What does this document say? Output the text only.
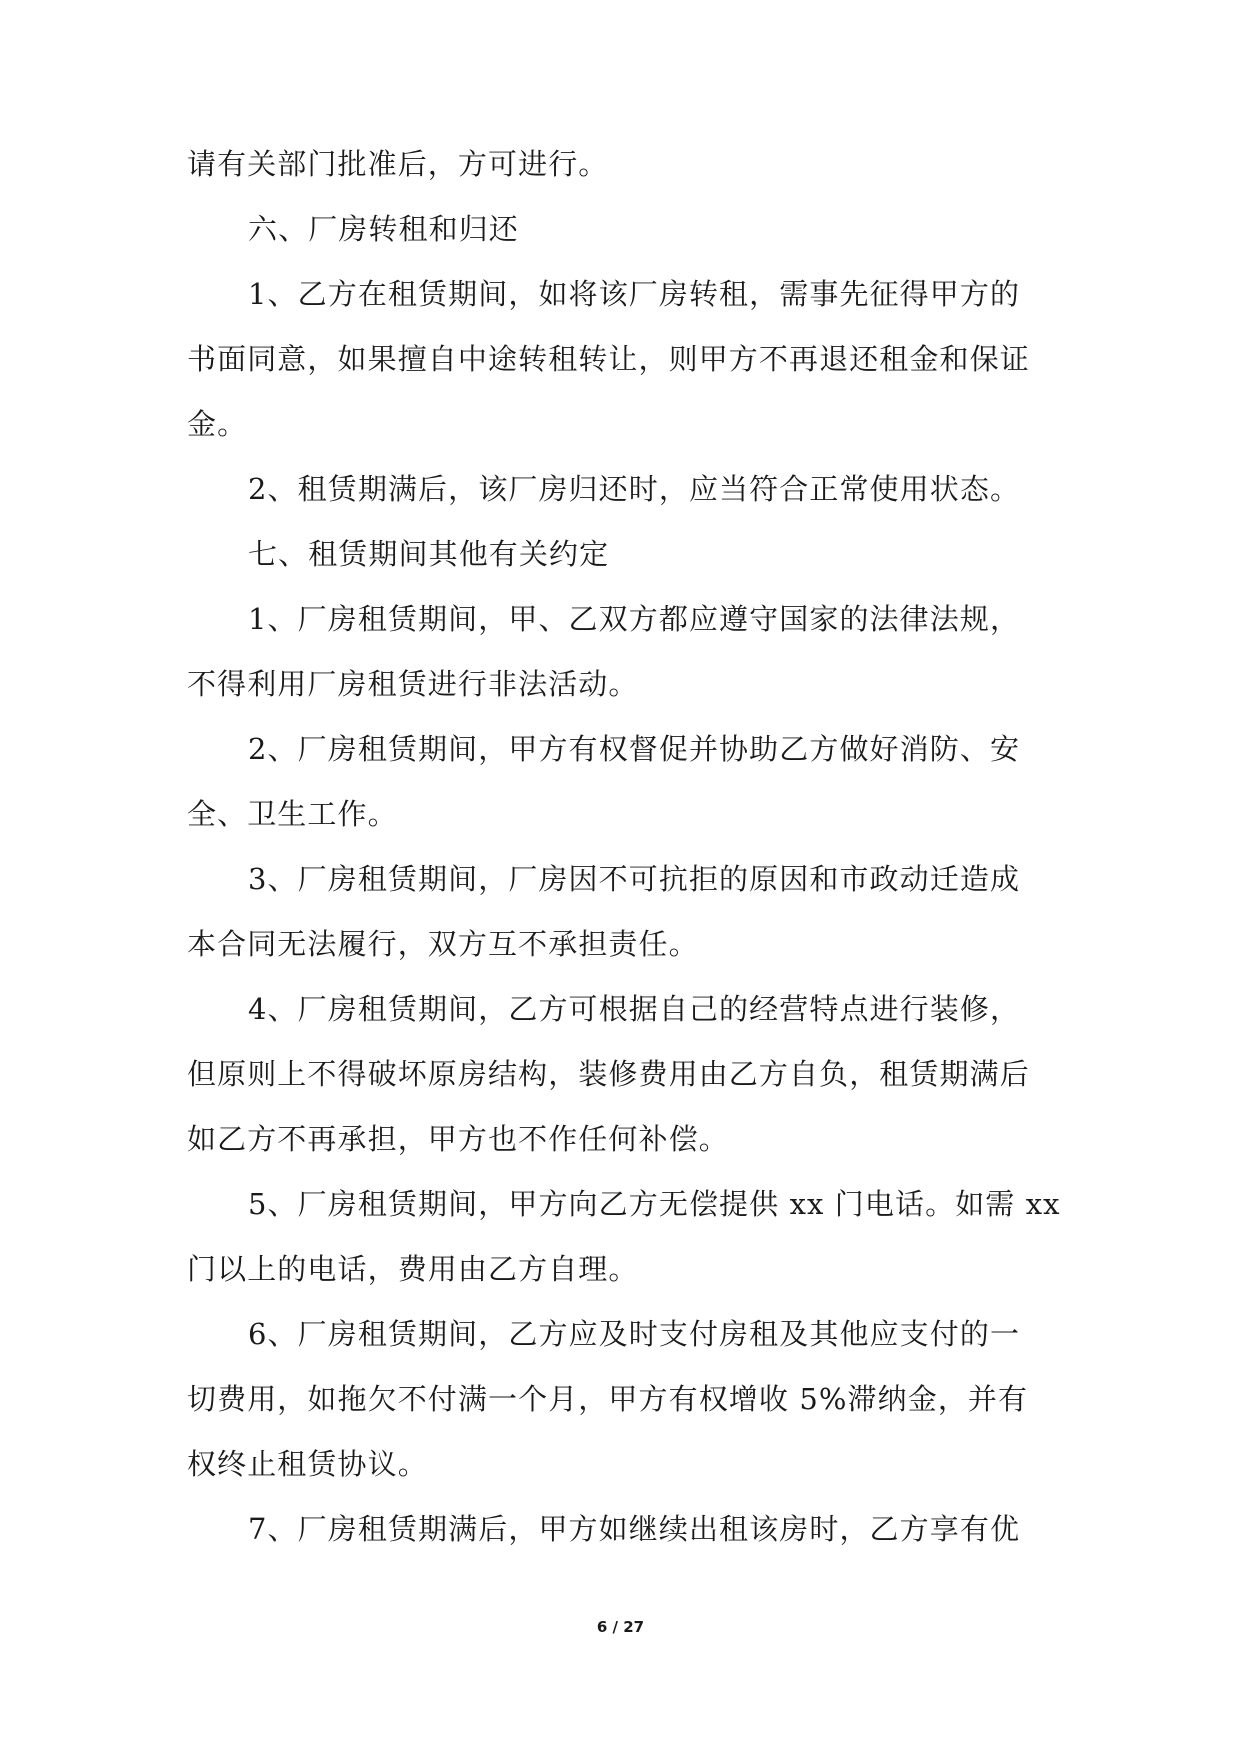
请有关部门批准后，方可进行。
六、厂房转租和归还
1、乙方在租赁期间，如将该厂房转租，需事先征得甲方的
书面同意，如果擅自中途转租转让，则甲方不再退还租金和保证
金。
2、租赁期满后，该厂房归还时，应当符合正常使用状态。
七、租赁期间其他有关约定
1、厂房租赁期间，甲、乙双方都应遵守国家的法律法规，
不得利用厂房租赁进行非法活动。
2、厂房租赁期间，甲方有权督促并协助乙方做好消防、安
全、卫生工作。
3、厂房租赁期间，厂房因不可抗拒的原因和市政动迁造成
本合同无法履行，双方互不承担责任。
4、厂房租赁期间，乙方可根据自己的经营特点进行装修，
但原则上不得破坏原房结构，装修费用由乙方自负，租赁期满后
如乙方不再承担，甲方也不作任何补偿。
5、厂房租赁期间，甲方向乙方无偿提供 xx 门电话。如需 xx
门以上的电话，费用由乙方自理。
6、厂房租赁期间，乙方应及时支付房租及其他应支付的一
切费用，如拖欠不付满一个月，甲方有权增收 5%滞纳金，并有
权终止租赁协议。
7、厂房租赁期满后，甲方如继续出租该房时，乙方享有优
6 / 27
